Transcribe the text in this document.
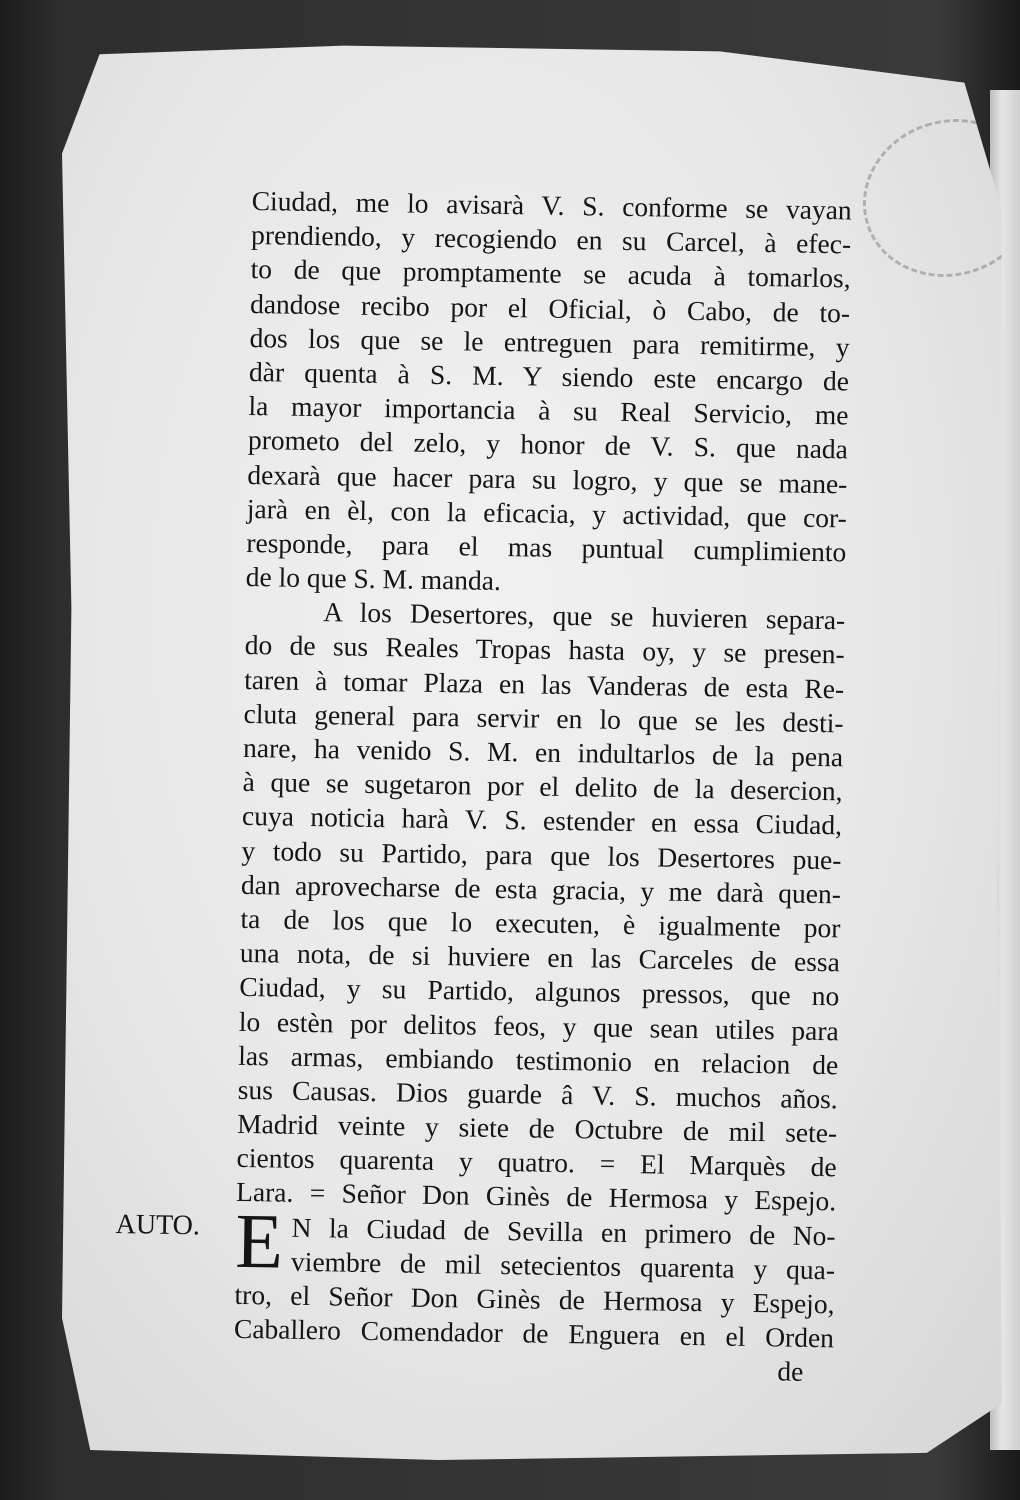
Ciudad, me lo avisarà V. S. conforme se vayan
prendiendo, y recogiendo en su Carcel, à efec-
to de que promptamente se acuda à tomarlos,
dandose recibo por el Oficial, ò Cabo, de to-
dos los que se le entreguen para remitirme, y
dàr quenta à S. M. Y siendo este encargo de
la mayor importancia à su Real Servicio, me
prometo del zelo, y honor de V. S. que nada
dexarà que hacer para su logro, y que se mane-
jarà en èl, con la eficacia, y actividad, que cor-
responde, para el mas puntual cumplimiento
de lo que S. M. manda.
A los Desertores, que se huvieren separa-
do de sus Reales Tropas hasta oy, y se presen-
taren à tomar Plaza en las Vanderas de esta Re-
cluta general para servir en lo que se les desti-
nare, ha venido S. M. en indultarlos de la pena
à que se sugetaron por el delito de la desercion,
cuya noticia harà V. S. estender en essa Ciudad,
y todo su Partido, para que los Desertores pue-
dan aprovecharse de esta gracia, y me darà quen-
ta de los que lo executen, è igualmente por
una nota, de si huviere en las Carceles de essa
Ciudad, y su Partido, algunos pressos, que no
lo estèn por delitos feos, y que sean utiles para
las armas, embiando testimonio en relacion de
sus Causas. Dios guarde â V. S. muchos años.
Madrid veinte y siete de Octubre de mil sete-
cientos quarenta y quatro. = El Marquès de
Lara. = Señor Don Ginès de Hermosa y Espejo.
AUTO. E N la Ciudad de Sevilla en primero de No-
viembre de mil setecientos quarenta y qua-
tro, el Señor Don Ginès de Hermosa y Espejo,
Caballero Comendador de Enguera en el Orden
de
